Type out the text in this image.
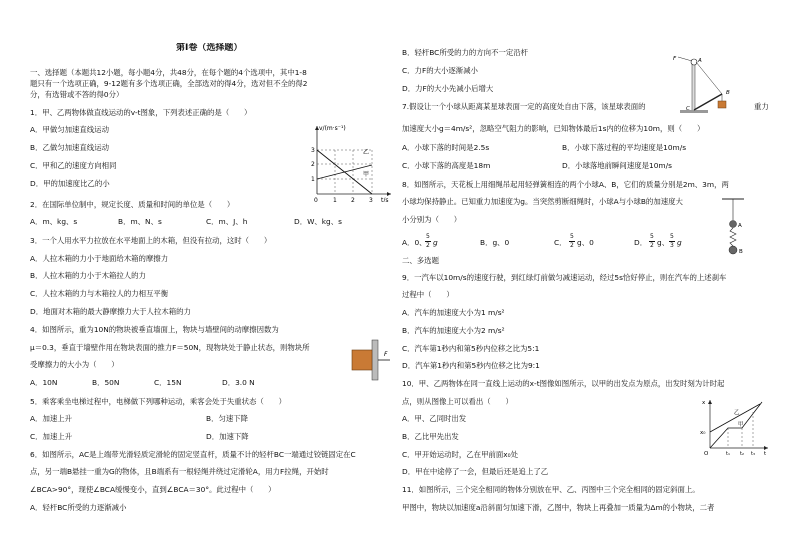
第Ⅰ卷（选择题）
一、选择题（本题共12小题，每小题4分，共48分，在每个题的4个选项中，其中1-8
题只有一个选项正确，9-12题有多个选项正确，全部选对的得4分，选对但不全的得2
分，有选错或不答的得0分）
1．甲、乙两物体做直线运动的v-t图象，下列表述正确的是（　　）
A．甲做匀加速直线运动
B．乙做匀加速直线运动
C．甲和乙的速度方向相同
D．甲的加速度比乙的小
v/(m·s⁻¹)
t/s
3
2
1
0	1 2 3
乙
甲
2．在国际单位制中，规定长度、质量和时间的单位是（　　）
A．m、kg、s	B．m、N、s	C．m、J、h	D．W、kg、s
3．一个人用水平力拉放在水平地面上的木箱，但没有拉动，这时（　　）
A．人拉木箱的力小于地面给木箱的摩擦力
B．人拉木箱的力小于木箱拉人的力
C．人拉木箱的力与木箱拉人的力相互平衡
D．地面对木箱的最大静摩擦力大于人拉木箱的力
4．如图所示，重为10N的物块被垂直墙面上，物块与墙壁间的动摩擦因数为
μ＝0.3，垂直于墙壁作用在物块表面的推力F＝50N，现物块处于静止状态，则物块所
受摩擦力的大小为（　　）
A．10N	B．50N	C．15N	D．3.0 N
F
5．乘客乘坐电梯过程中，电梯做下列哪种运动，乘客会处于失重状态（　　）
A．加速上升	B．匀速下降
C．加速上升	D．加速下降
6．如图所示，AC是上端带光滑轻质定滑轮的固定竖直杆，质量不计的轻杆BC一端通过铰链固定在C
点，另一端B悬挂一重为G的物体，且B端系有一根轻绳并绕过定滑轮A，用力F拉绳，开始时
∠BCA>90°，现使∠BCA缓慢变小，直到∠BCA＝30°。此过程中（　　）
A．轻杆BC所受的力逐渐减小
B．轻杆BC所受的力的方向不一定沿杆
C．力F的大小逐渐减小
D．力F的大小先减小后增大
F	A
B
C
7.假设让一个小球从距离某星球表面一定的高度处自由下落，该星球表面的	重力
加速度大小g＝4m/s²，忽略空气阻力的影响，已知物体最后1s内的位移为10m，则（　　）
A．小球下落的时间是2.5s	B．小球下落过程的平均速度是10m/s
C．小球下落的高度是18m	D．小球落地前瞬间速度是10m/s
8．如图所示，天花板上用细绳吊起用轻弹簧相连的两个小球A、B，它们的质量分别是2m、3m，两
小球均保持静止。已知重力加速度为g。当突然剪断细绳时，小球A与小球B的加速度大
小分别为（　　）
A．0、
5
2 g	B．g、0	C．
5
2 g、0	D．
5
2 g、
5
3 g
A
B
二、多选题
9．一汽车以10m/s的速度行驶，到红绿灯前做匀减速运动，经过5s恰好停止，则在汽车的上述刹车
过程中（　　）
A．汽车的加速度大小为1 m/s²
B．汽车的加速度大小为2 m/s²
C．汽车第1秒内和第5秒内位移之比为5:1
D．汽车第1秒内和第5秒内位移之比为9:1
10．甲、乙两物体在同一直线上运动的x-t图像如图所示，以甲的出发点为原点，出发时刻为计时起
点，则从图像上可以看出（　　）
A．甲、乙同时出发
B．乙比甲先出发
C．甲开始运动时，乙在甲前面x₀处
D．甲在中途停了一会，但最后还是追上了乙
x
x₀
O	t
t₁ t₂ t₃
乙
甲
11．如图所示，三个完全相同的物体分别放在甲、乙、丙图中三个完全相同的固定斜面上。
甲图中，物块以加速度a沿斜面匀加速下滑，乙图中，物块上再叠加一质量为Δm的小物块，二者
